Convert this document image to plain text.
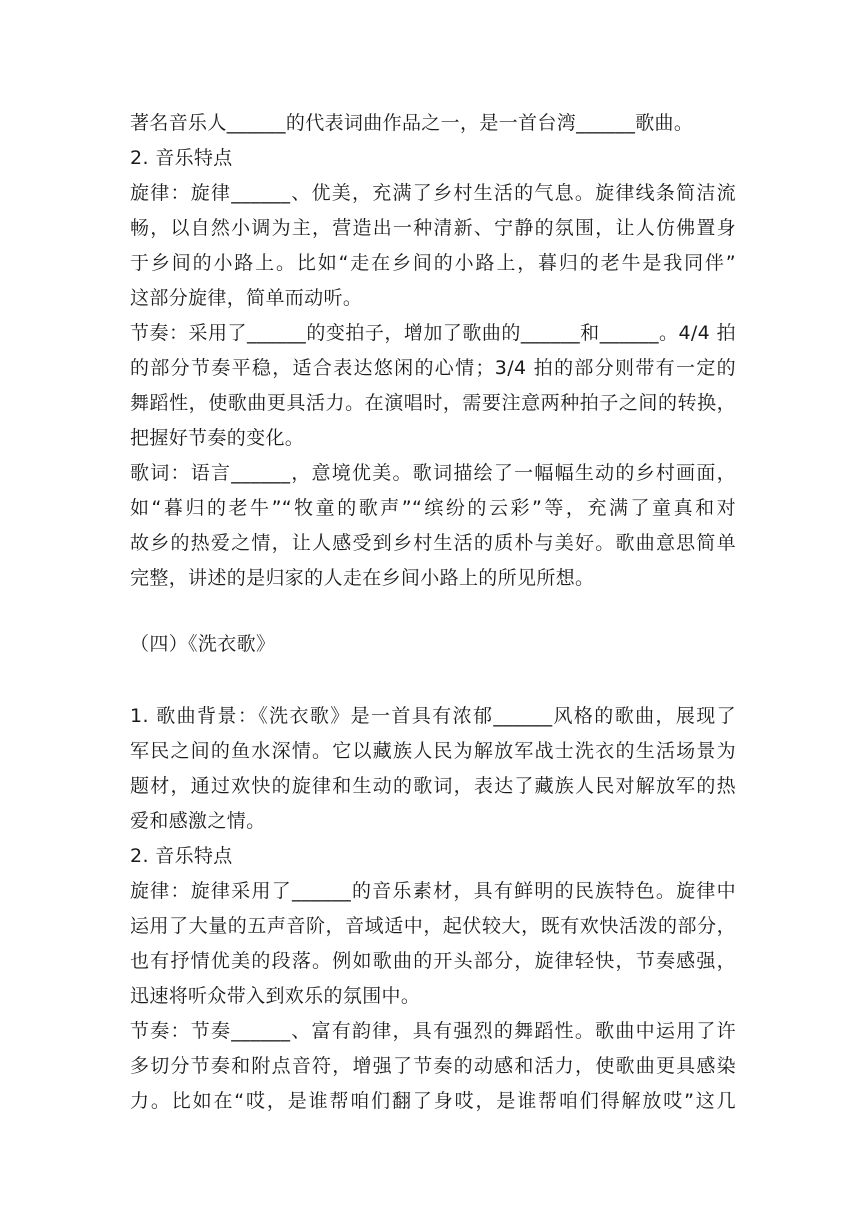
著名音乐人______的代表词曲作品之一，是一首台湾______歌曲。
2. 音乐特点
旋律：旋律______、优美，充满了乡村生活的气息。旋律线条简洁流
畅，以自然小调为主，营造出一种清新、宁静的氛围，让人仿佛置身
于乡间的小路上。比如“走在乡间的小路上，暮归的老牛是我同伴”
这部分旋律，简单而动听。
节奏：采用了______的变拍子，增加了歌曲的______和______。4/4 拍
的部分节奏平稳，适合表达悠闲的心情；3/4 拍的部分则带有一定的
舞蹈性，使歌曲更具活力。在演唱时，需要注意两种拍子之间的转换，
把握好节奏的变化。
歌词：语言______，意境优美。歌词描绘了一幅幅生动的乡村画面，
如“暮归的老牛”“牧童的歌声”“缤纷的云彩”等，充满了童真和对
故乡的热爱之情，让人感受到乡村生活的质朴与美好。歌曲意思简单
完整，讲述的是归家的人走在乡间小路上的所见所想。
（四）《洗衣歌》
1. 歌曲背景：《洗衣歌》是一首具有浓郁______风格的歌曲，展现了
军民之间的鱼水深情。它以藏族人民为解放军战士洗衣的生活场景为
题材，通过欢快的旋律和生动的歌词，表达了藏族人民对解放军的热
爱和感激之情。
2. 音乐特点
旋律：旋律采用了______的音乐素材，具有鲜明的民族特色。旋律中
运用了大量的五声音阶，音域适中，起伏较大，既有欢快活泼的部分，
也有抒情优美的段落。例如歌曲的开头部分，旋律轻快，节奏感强，
迅速将听众带入到欢乐的氛围中。
节奏：节奏______、富有韵律，具有强烈的舞蹈性。歌曲中运用了许
多切分节奏和附点音符，增强了节奏的动感和活力，使歌曲更具感染
力。比如在“哎，是谁帮咱们翻了身哎，是谁帮咱们得解放哎”这几
